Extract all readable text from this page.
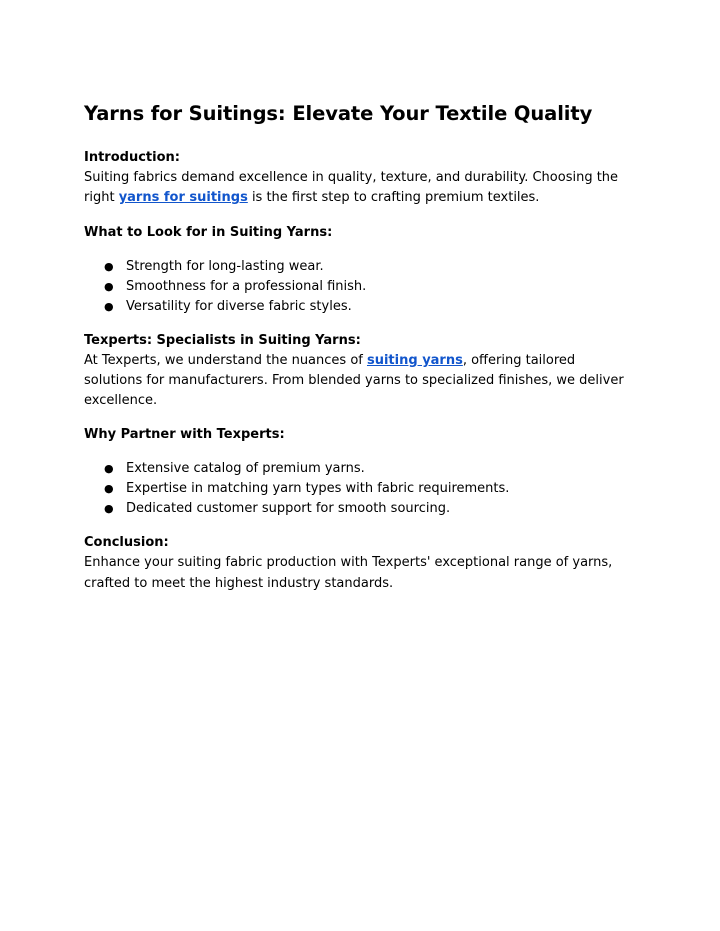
Yarns for Suitings: Elevate Your Textile Quality
Introduction:

Suiting fabrics demand excellence in quality, texture, and durability. Choosing the right yarns for suitings is the first step to crafting premium textiles.

What to Look for in Suiting Yarns:
● Strength for long-lasting wear.
● Smoothness for a professional finish.
● Versatility for diverse fabric styles.
Texperts: Specialists in Suiting Yarns:

At Texperts, we understand the nuances of suiting yarns, offering tailored solutions for manufacturers. From blended yarns to specialized finishes, we deliver excellence.

Why Partner with Texperts:
● Extensive catalog of premium yarns.
● Expertise in matching yarn types with fabric requirements.
● Dedicated customer support for smooth sourcing.
Conclusion:

Enhance your suiting fabric production with Texperts' exceptional range of yarns, crafted to meet the highest industry standards.
